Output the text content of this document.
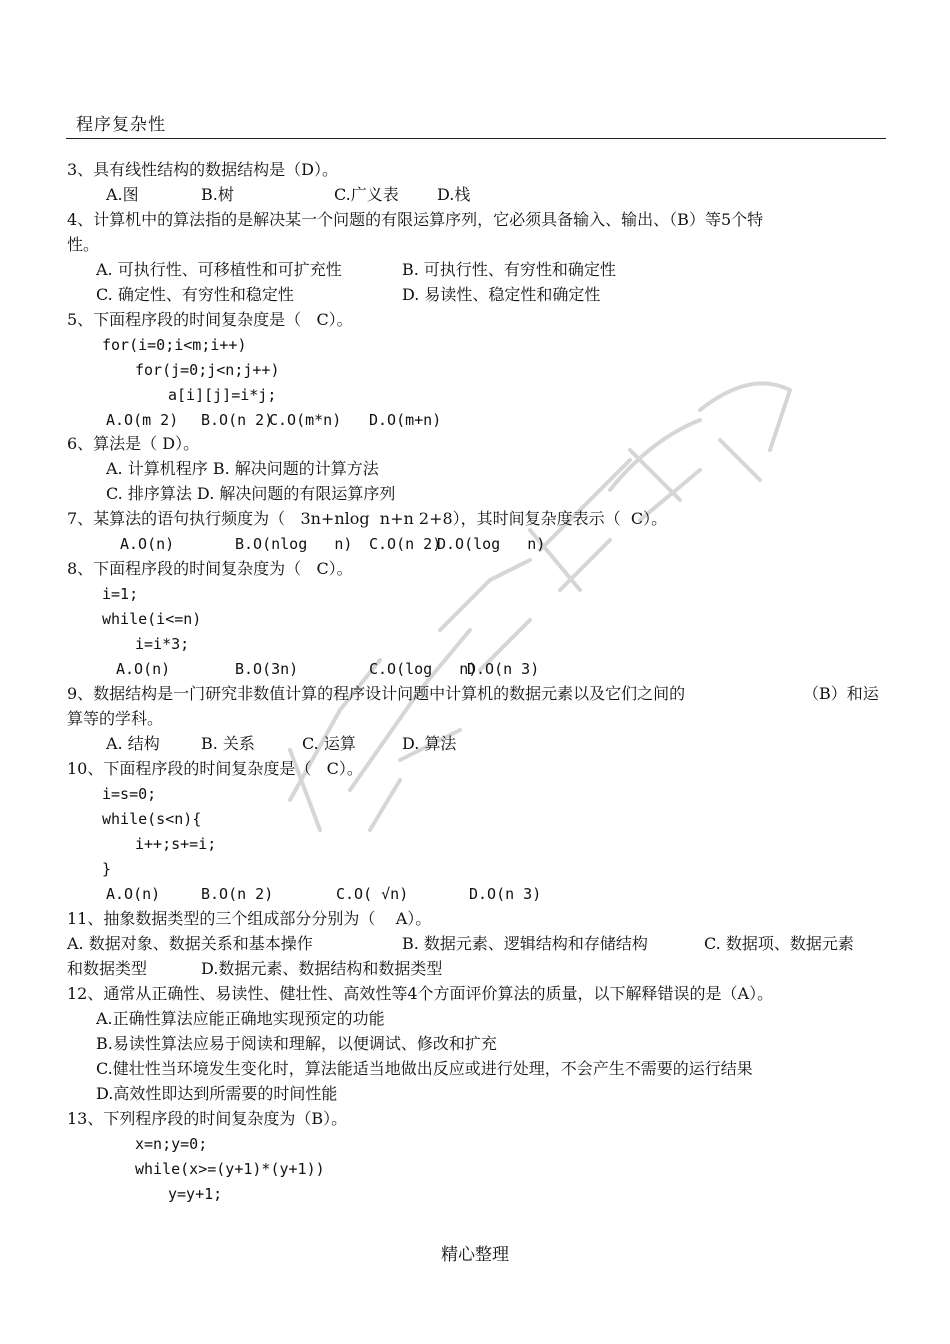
程序复杂性
3、具有线性结构的数据结构是（D）。
A.图	B.树	C.广义表 D.栈
4、计算机中的算法指的是解决某一个问题的有限运算序列，它必须具备输入、输出、（B）等5个特
性。
A. 可执行性、可移植性和可扩充性	B. 可执行性、有穷性和确定性
C. 确定性、有穷性和稳定性	D. 易读性、稳定性和确定性
5、下面程序段的时间复杂度是（   C）。
for(i=0;i<m;i++)
for(j=0;j<n;j++)
a[i][j]=i*j;
A.O(m 2) B.O(n 2)
C.O(m*n) D.O(m+n)
6、算法是（ D）。
A. 计算机程序 B. 解决问题的计算方法
C. 排序算法 D. 解决问题的有限运算序列
7、某算法的语句执行频度为（   3n+nlog  n+n 2+8），其时间复杂度表示（  C）。
A.O(n)	B.O(nlog   n) C.O(n 2)
D.O(log   n)
8、下面程序段的时间复杂度为（   C）。
i=1;
while(i<=n)
i=i*3;
A.O(n)	B.O(3n)	C.O(log   n)
D.O(n 3)
9、数据结构是一门研究非数值计算的程序设计问题中计算机的数据元素以及它们之间的	（B）和运
算等的学科。
A. 结构	B. 关系	C. 运算	D. 算法
10、下面程序段的时间复杂度是（   C）。
i=s=0;
while(s<n){
i++;s+=i;
}
A.O(n)	B.O(n 2)	C.O( √n)	D.O(n 3)
11、抽象数据类型的三个组成部分分别为（    A）。
A. 数据对象、数据关系和基本操作	B. 数据元素、逻辑结构和存储结构	C. 数据项、数据元素
和数据类型	D.数据元素、数据结构和数据类型
12、通常从正确性、易读性、健壮性、高效性等4个方面评价算法的质量，以下解释错误的是（A）。
A.正确性算法应能正确地实现预定的功能
B.易读性算法应易于阅读和理解，以便调试、修改和扩充
C.健壮性当环境发生变化时，算法能适当地做出反应或进行处理，不会产生不需要的运行结果
D.高效性即达到所需要的时间性能
13、下列程序段的时间复杂度为（B）。
x=n;y=0;
while(x>=(y+1)*(y+1))
y=y+1;
精心整理
